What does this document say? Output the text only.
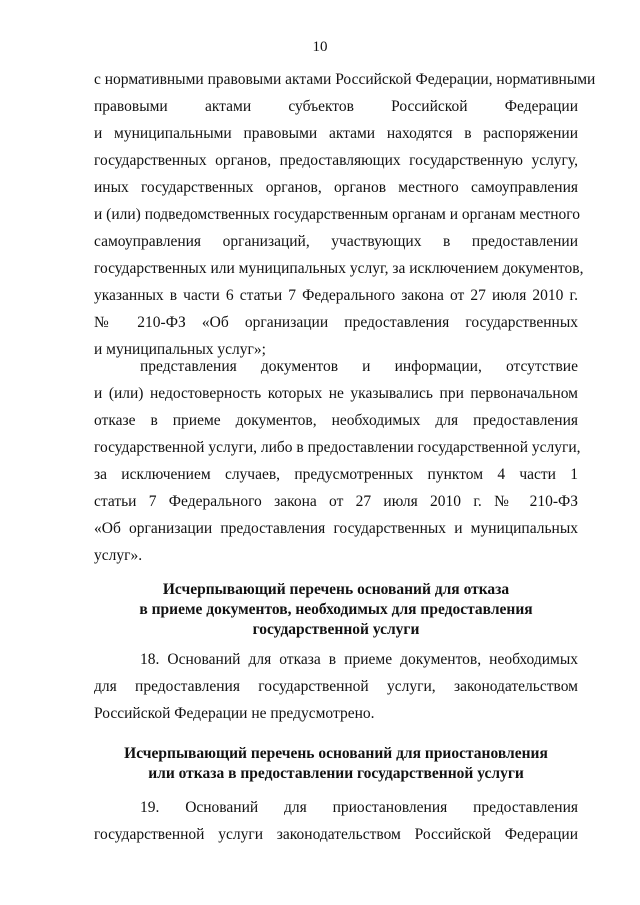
10
с нормативными правовыми актами Российской Федерации, нормативными
правовыми актами субъектов Российской Федерации
и муниципальными правовыми актами находятся в распоряжении
государственных органов, предоставляющих государственную услугу,
иных государственных органов, органов местного самоуправления
и (или) подведомственных государственным органам и органам местного
самоуправления организаций, участвующих в предоставлении
государственных или муниципальных услуг, за исключением документов,
указанных в части 6 статьи 7 Федерального закона от 27 июля 2010 г.
№ 210-ФЗ «Об организации предоставления государственных
и муниципальных услуг»;
представления документов и информации, отсутствие
и (или) недостоверность которых не указывались при первоначальном
отказе в приеме документов, необходимых для предоставления
государственной услуги, либо в предоставлении государственной услуги,
за исключением случаев, предусмотренных пунктом 4 части 1
статьи 7 Федерального закона от 27 июля 2010 г. № 210-ФЗ
«Об организации предоставления государственных и муниципальных
услуг».
Исчерпывающий перечень оснований для отказа
в приеме документов, необходимых для предоставления
государственной услуги
18. Оснований для отказа в приеме документов, необходимых
для предоставления государственной услуги, законодательством
Российской Федерации не предусмотрено.
Исчерпывающий перечень оснований для приостановления
или отказа в предоставлении государственной услуги
19. Оснований для приостановления предоставления
государственной услуги законодательством Российской Федерации
